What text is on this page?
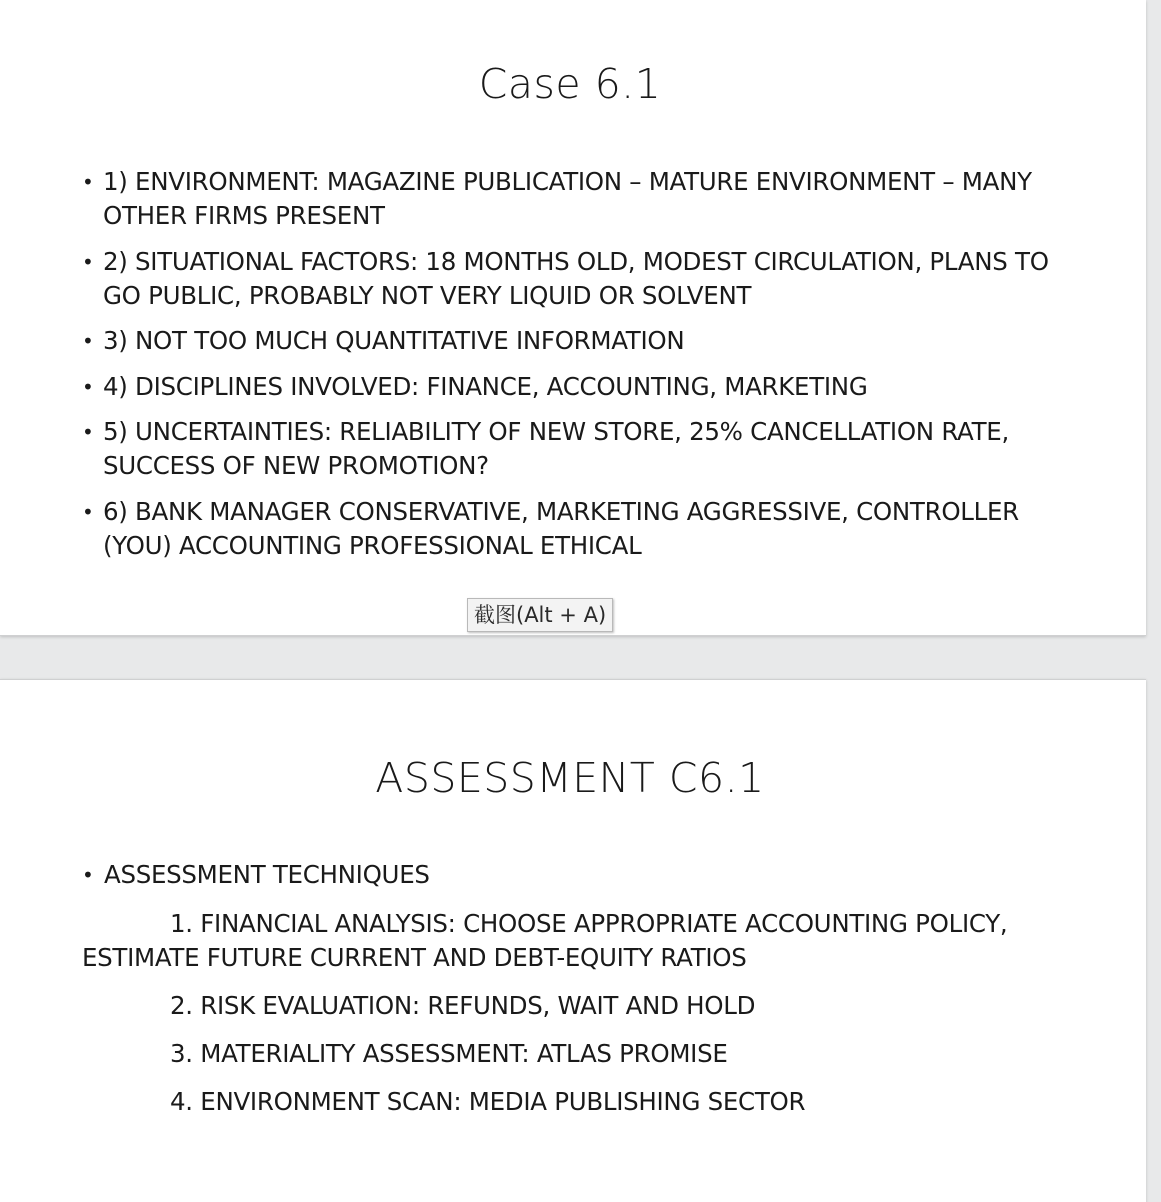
Case 6.1
• 1) ENVIRONMENT: MAGAZINE PUBLICATION – MATURE ENVIRONMENT – MANY OTHER FIRMS PRESENT
• 2) SITUATIONAL FACTORS: 18 MONTHS OLD, MODEST CIRCULATION, PLANS TO GO PUBLIC, PROBABLY NOT VERY LIQUID OR SOLVENT
• 3) NOT TOO MUCH QUANTITATIVE INFORMATION
• 4) DISCIPLINES INVOLVED: FINANCE, ACCOUNTING, MARKETING
• 5) UNCERTAINTIES: RELIABILITY OF NEW STORE, 25% CANCELLATION RATE, SUCCESS OF NEW PROMOTION?
• 6) BANK MANAGER CONSERVATIVE, MARKETING AGGRESSIVE, CONTROLLER (YOU) ACCOUNTING PROFESSIONAL ETHICAL
截图(Alt + A)
ASSESSMENT C6.1
• ASSESSMENT TECHNIQUES
1. FINANCIAL ANALYSIS: CHOOSE APPROPRIATE ACCOUNTING POLICY, ESTIMATE FUTURE CURRENT AND DEBT-EQUITY RATIOS
2. RISK EVALUATION: REFUNDS, WAIT AND HOLD
3. MATERIALITY ASSESSMENT: ATLAS PROMISE
4. ENVIRONMENT SCAN: MEDIA PUBLISHING SECTOR
